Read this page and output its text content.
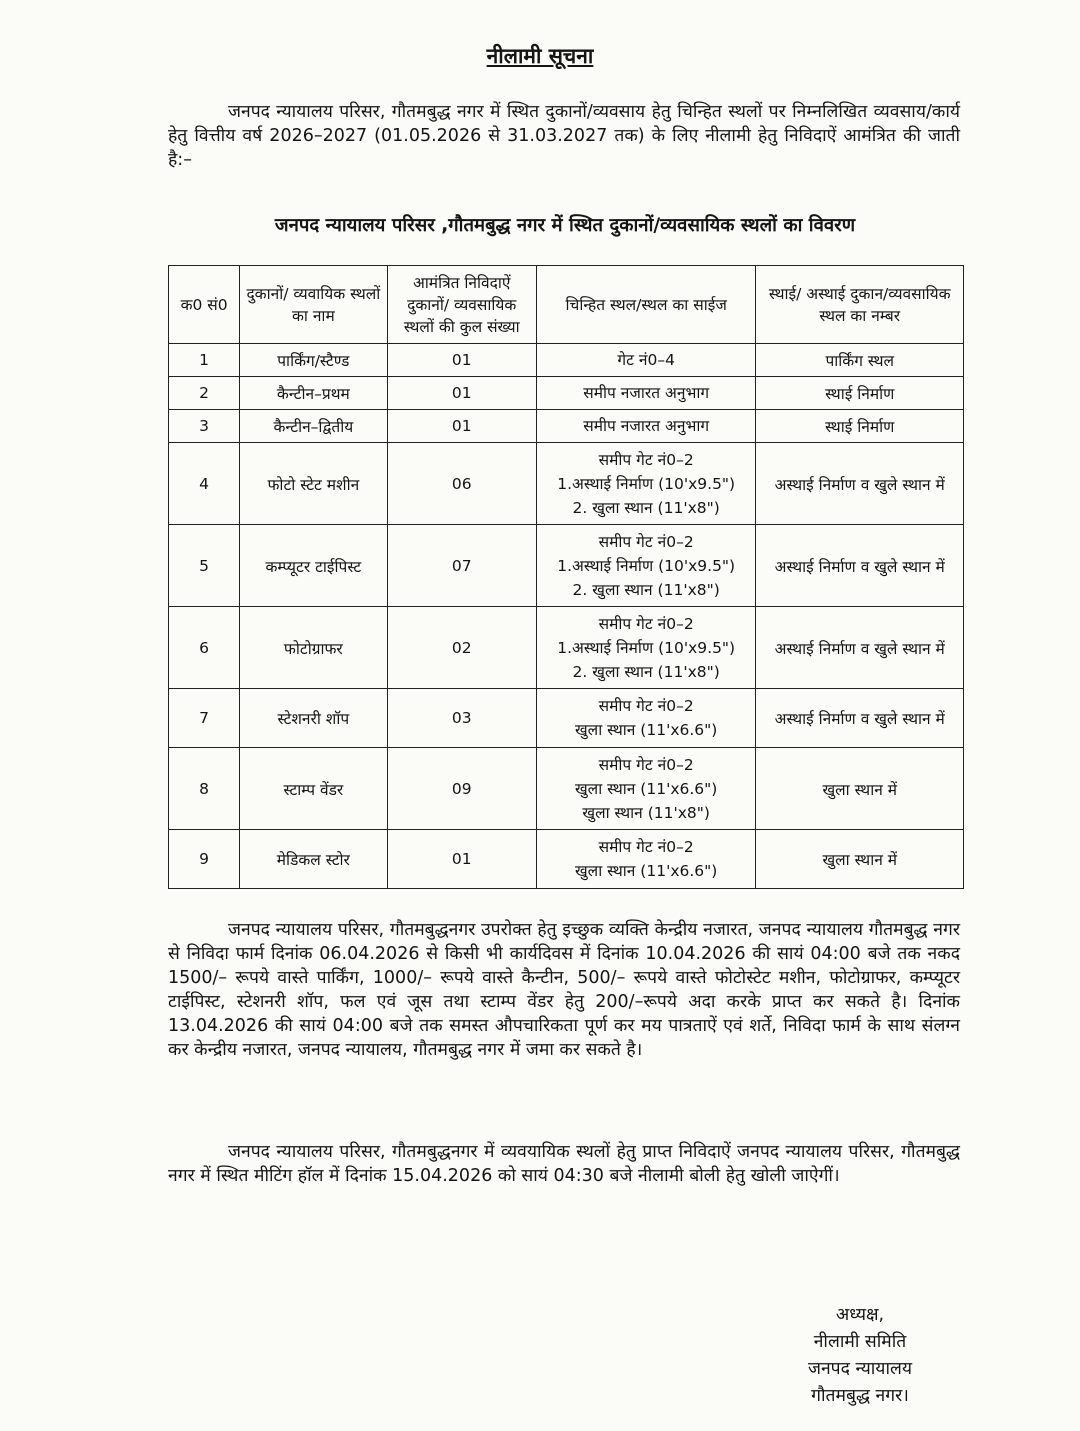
नीलामी सूचना
जनपद न्यायालय परिसर, गौतमबुद्ध नगर में स्थित दुकानों/व्यवसाय हेतु चिन्हित स्थलों पर निम्नलिखित व्यवसाय/कार्य हेतु वित्तीय वर्ष 2026–2027 (01.05.2026 से 31.03.2027 तक) के लिए नीलामी हेतु निविदाऐं आमंत्रित की जाती है:–
जनपद न्यायालय परिसर ,गौतमबुद्ध नगर में स्थित दुकानों/व्यवसायिक स्थलों का विवरण
क0 सं0	दुकानों/ व्यवायिक स्थलों का नाम	आमंत्रित निविदाऐं दुकानों/ व्यवसायिक स्थलों की कुल संख्या	चिन्हित स्थल/स्थल का साईज	स्थाई/ अस्थाई दुकान/व्यवसायिक स्थल का नम्बर
1	पार्किंग/स्टैण्ड	01	गेट नं0–4	पार्किंग स्थल
2	कैन्टीन–प्रथम	01	समीप नजारत अनुभाग	स्थाई निर्माण
3	कैन्टीन–द्वितीय	01	समीप नजारत अनुभाग	स्थाई निर्माण
4	फोटो स्टेट मशीन	06	समीप गेट नं0–2
1.अस्थाई निर्माण (10'x9.5")
2. खुला स्थान (11'x8")	अस्थाई निर्माण व खुले स्थान में
5	कम्प्यूटर टाईपिस्ट	07	समीप गेट नं0–2
1.अस्थाई निर्माण (10'x9.5")
2. खुला स्थान (11'x8")	अस्थाई निर्माण व खुले स्थान में
6	फोटोग्राफर	02	समीप गेट नं0–2
1.अस्थाई निर्माण (10'x9.5")
2. खुला स्थान (11'x8")	अस्थाई निर्माण व खुले स्थान में
7	स्टेशनरी शॉप	03	समीप गेट नं0–2
खुला स्थान (11'x6.6")	अस्थाई निर्माण व खुले स्थान में
8	स्टाम्प वेंडर	09	समीप गेट नं0–2
खुला स्थान (11'x6.6")
खुला स्थान (11'x8")	खुला स्थान में
9	मेडिकल स्टोर	01	समीप गेट नं0–2
खुला स्थान (11'x6.6")	खुला स्थान में
जनपद न्यायालय परिसर, गौतमबुद्धनगर उपरोक्त हेतु इच्छुक व्यक्ति केन्द्रीय नजारत, जनपद न्यायालय गौतमबुद्ध नगर से निविदा फार्म दिनांक 06.04.2026 से किसी भी कार्यदिवस में दिनांक 10.04.2026 की सायं 04:00 बजे तक नकद 1500/– रूपये वास्ते पार्किंग, 1000/– रूपये वास्ते कैन्टीन, 500/– रूपये वास्ते फोटोस्टेट मशीन, फोटोग्राफर, कम्प्यूटर टाईपिस्ट, स्टेशनरी शॉप, फल एवं जूस तथा स्टाम्प वेंडर हेतु 200/–रूपये अदा करके प्राप्त कर सकते है। दिनांक 13.04.2026 की सायं 04:00 बजे तक समस्त औपचारिकता पूर्ण कर मय पात्रताऐं एवं शर्ते, निविदा फार्म के साथ संलग्न कर केन्द्रीय नजारत, जनपद न्यायालय, गौतमबुद्ध नगर में जमा कर सकते है।
जनपद न्यायालय परिसर, गौतमबुद्धनगर में व्यवयायिक स्थलों हेतु प्राप्त निविदाऐं जनपद न्यायालय परिसर, गौतमबुद्ध नगर में स्थित मीटिंग हॉल में दिनांक 15.04.2026 को सायं 04:30 बजे नीलामी बोली हेतु खोली जाऐगीं।
अध्यक्ष,
नीलामी समिति
जनपद न्यायालय
गौतमबुद्ध नगर।
